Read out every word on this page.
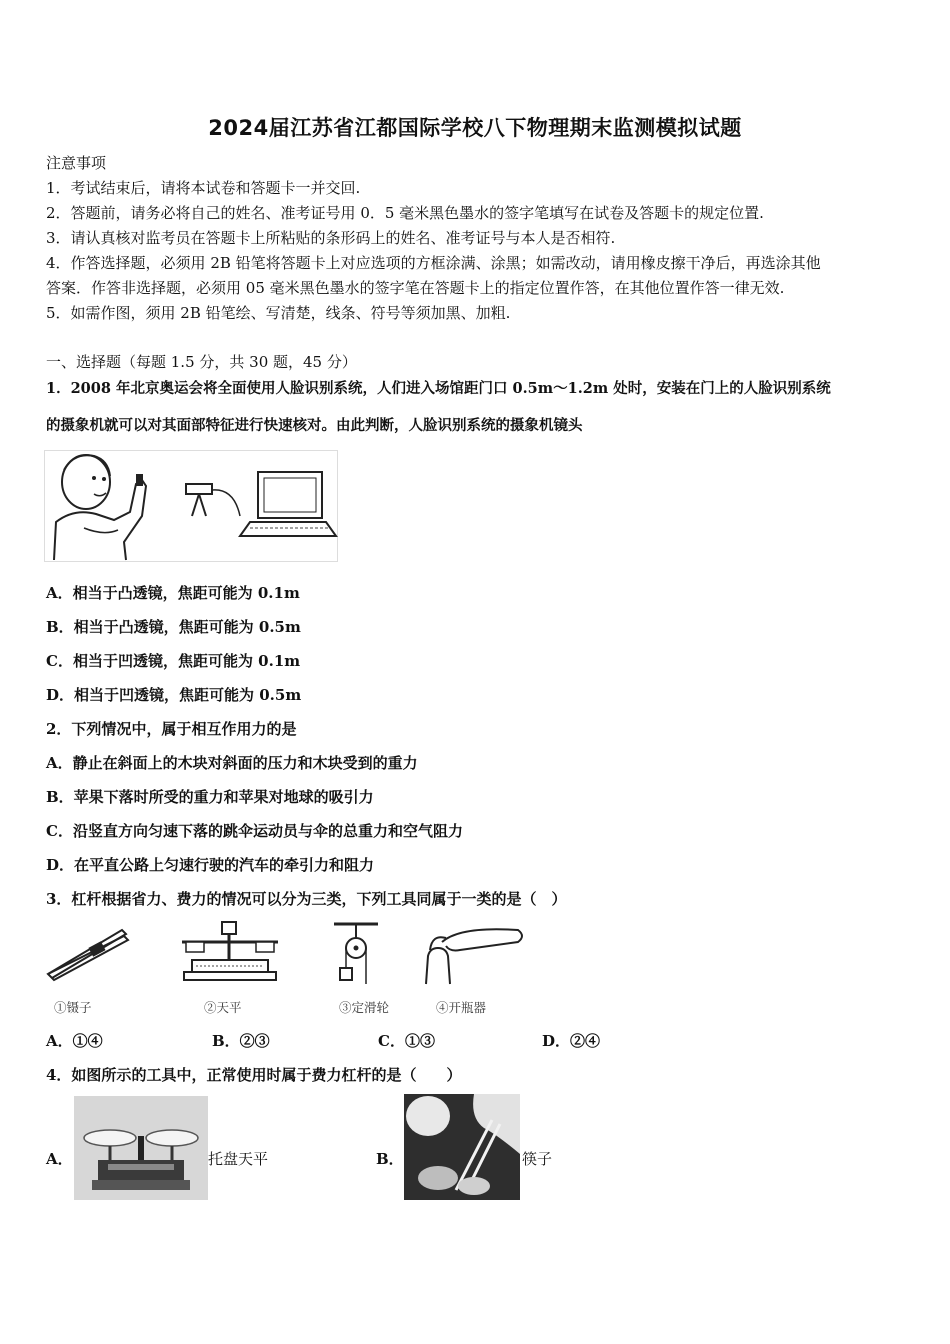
2024届江苏省江都国际学校八下物理期末监测模拟试题
注意事项
1．考试结束后，请将本试卷和答题卡一并交回.
2．答题前，请务必将自己的姓名、准考证号用 0．5 毫米黑色墨水的签字笔填写在试卷及答题卡的规定位置.
3．请认真核对监考员在答题卡上所粘贴的条形码上的姓名、准考证号与本人是否相符.
4．作答选择题，必须用 2B 铅笔将答题卡上对应选项的方框涂满、涂黑；如需改动，请用橡皮擦干净后，再选涂其他
答案．作答非选择题，必须用 05 毫米黑色墨水的签字笔在答题卡上的指定位置作答，在其他位置作答一律无效.
5．如需作图，须用 2B 铅笔绘、写清楚，线条、符号等须加黑、加粗.
一、选择题（每题 1.5 分，共 30 题，45 分）
1．2008 年北京奥运会将全面使用人脸识别系统，人们进入场馆距门口 0.5m～1.2m 处时，安装在门上的人脸识别系统
的摄象机就可以对其面部特征进行快速核对。由此判断，人脸识别系统的摄象机镜头
A．相当于凸透镜，焦距可能为 0.1m
B．相当于凸透镜，焦距可能为 0.5m
C．相当于凹透镜，焦距可能为 0.1m
D．相当于凹透镜，焦距可能为 0.5m
2．下列情况中，属于相互作用力的是
A．静止在斜面上的木块对斜面的压力和木块受到的重力
B．苹果下落时所受的重力和苹果对地球的吸引力
C．沿竖直方向匀速下落的跳伞运动员与伞的总重力和空气阻力
D．在平直公路上匀速行驶的汽车的牵引力和阻力
3．杠杆根据省力、费力的情况可以分为三类，下列工具同属于一类的是（　）
①镊子	②天平	③定滑轮	④开瓶器
A．①④	B．②③	C．①③	D．②④
4．如图所示的工具中，正常使用时属于费力杠杆的是（　　）
A．	托盘天平	B．	筷子
